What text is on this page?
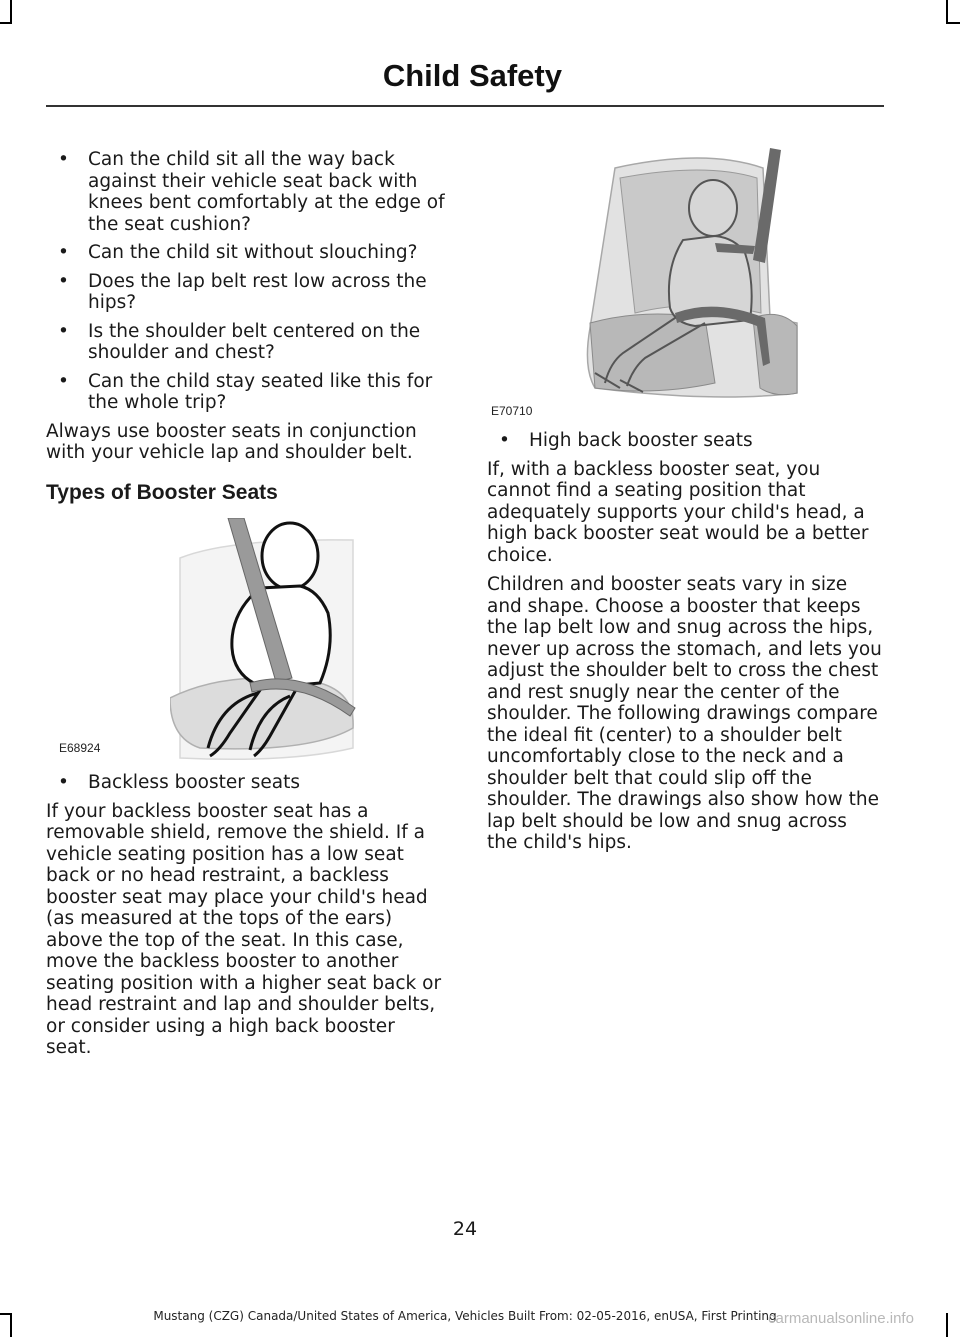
Child Safety
• Can the child sit all the way back against their vehicle seat back with knees bent comfortably at the edge of the seat cushion?
• Can the child sit without slouching?
• Does the lap belt rest low across the hips?
• Is the shoulder belt centered on the shoulder and chest?
• Can the child stay seated like this for the whole trip?

Always use booster seats in conjunction with your vehicle lap and shoulder belt.

Types of Booster Seats
E68924
• Backless booster seats

If your backless booster seat has a removable shield, remove the shield. If a vehicle seating position has a low seat back or no head restraint, a backless booster seat may place your child's head (as measured at the tops of the ears) above the top of the seat. In this case, move the backless booster to another seating position with a higher seat back or head restraint and lap and shoulder belts, or consider using a high back booster seat.

E70710
• High back booster seats

If, with a backless booster seat, you cannot find a seating position that adequately supports your child's head, a high back booster seat would be a better choice.

Children and booster seats vary in size and shape. Choose a booster that keeps the lap belt low and snug across the hips, never up across the stomach, and lets you adjust the shoulder belt to cross the chest and rest snugly near the center of the shoulder. The following drawings compare the ideal fit (center) to a shoulder belt uncomfortably close to the neck and a shoulder belt that could slip off the shoulder. The drawings also show how the lap belt should be low and snug across the child's hips.

24
Mustang (CZG) Canada/United States of America, Vehicles Built From: 02-05-2016, enUSA, First Printing
carmanualsonline.info
